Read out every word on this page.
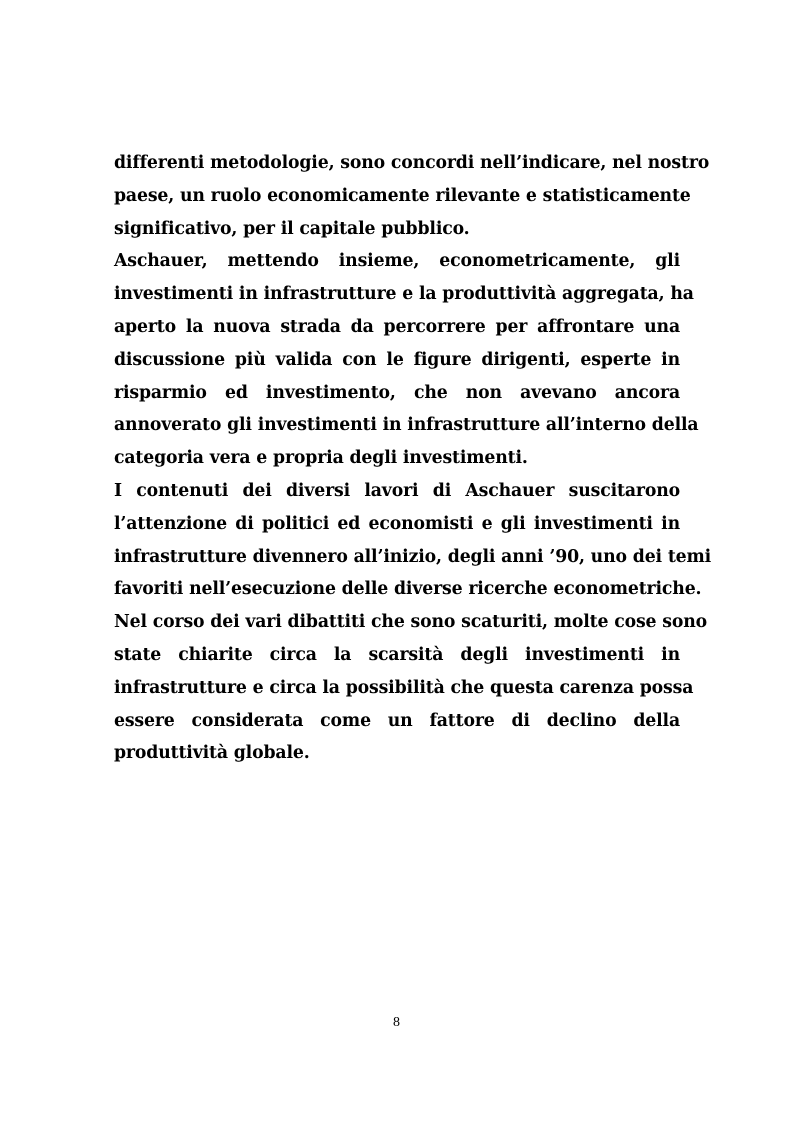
differenti metodologie, sono concordi nell’indicare, nel nostro
paese, un ruolo economicamente rilevante e statisticamente
significativo, per il capitale pubblico.
Aschauer, mettendo insieme, econometricamente, gli
investimenti in infrastrutture e la produttività aggregata, ha
aperto la nuova strada da percorrere per affrontare una
discussione più valida con le figure dirigenti, esperte in
risparmio ed investimento, che non avevano ancora
annoverato gli investimenti in infrastrutture all’interno della
categoria vera e propria degli investimenti.
I contenuti dei diversi lavori di Aschauer suscitarono
l’attenzione di politici ed economisti e gli investimenti in
infrastrutture divennero all’inizio, degli anni ’90, uno dei temi
favoriti nell’esecuzione delle diverse ricerche econometriche.
Nel corso dei vari dibattiti che sono scaturiti, molte cose sono
state chiarite circa la scarsità degli investimenti in
infrastrutture e circa la possibilità che questa carenza possa
essere considerata come un fattore di declino della
produttività globale.
8
